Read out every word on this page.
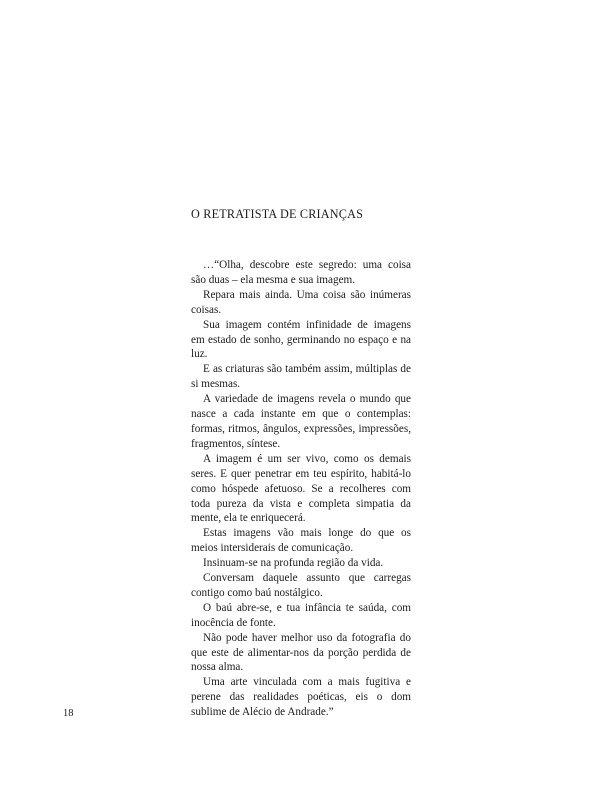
O RETRATISTA DE CRIANÇAS

…“Olha, descobre este segredo: uma coisa são duas – ela mesma e sua imagem.

Repara mais ainda. Uma coisa são inúmeras coisas.

Sua imagem contém infinidade de imagens em estado de sonho, germinando no espaço e na luz.

E as criaturas são também assim, múltiplas de si mesmas.

A variedade de imagens revela o mundo que nasce a cada instante em que o contemplas: formas, ritmos, ângulos, expressões, impressões, fragmentos, síntese.

A imagem é um ser vivo, como os demais seres. E quer penetrar em teu espírito, habitá-lo como hóspede afetuoso. Se a recolheres com toda pureza da vista e completa simpatia da mente, ela te enriquecerá.

Estas imagens vão mais longe do que os meios intersiderais de comunicação.

Insinuam-se na profunda região da vida.

Conversam daquele assunto que carregas contigo como baú nostálgico.

O baú abre-se, e tua infância te saúda, com inocência de fonte.

Não pode haver melhor uso da fotografia do que este de alimentar-nos da porção perdida de nossa alma.

Uma arte vinculada com a mais fugitiva e perene das realidades poéticas, eis o dom sublime de Alécio de Andrade.”

18
